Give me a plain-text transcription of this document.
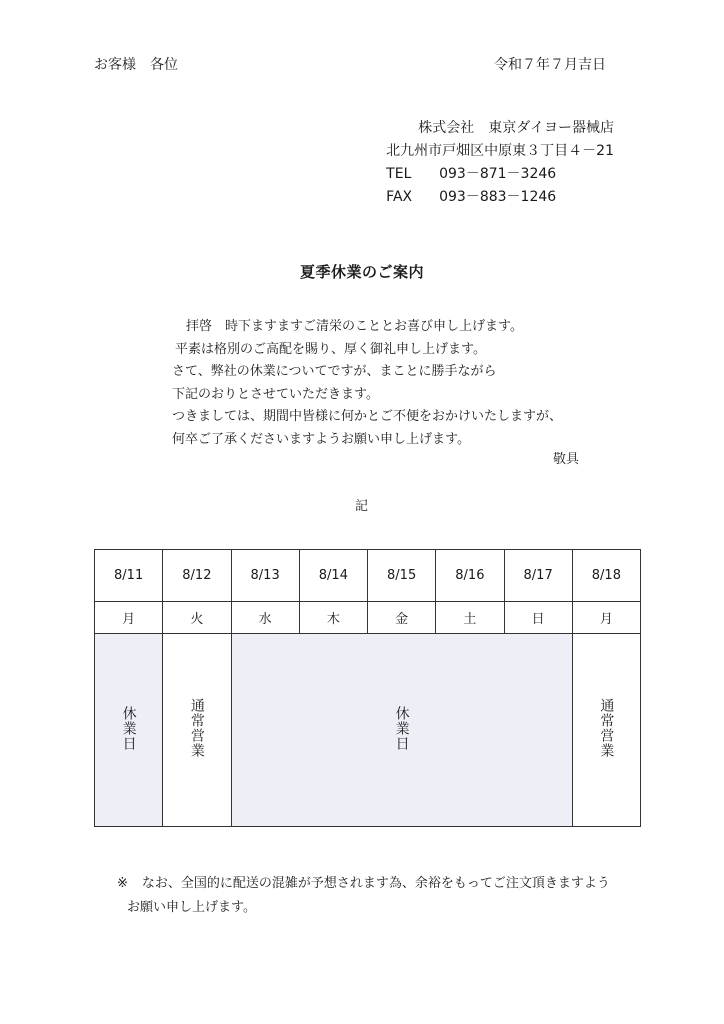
お客様　各位	令和７年７月吉日
株式会社　東京ダイヨー器械店
北九州市戸畑区中原東３丁目４－21
TEL	093－871－3246
FAX	093－883－1246
夏季休業のご案内
拝啓　時下ますますご清栄のこととお喜び申し上げます。
平素は格別のご高配を賜り、厚く御礼申し上げます。
さて、弊社の休業についてですが、まことに勝手ながら
下記のおりとさせていただきます。
つきましては、期間中皆様に何かとご不便をおかけいたしますが、
何卒ご了承くださいますようお願い申し上げます。
敬具
記
8/11	8/12	8/13	8/14	8/15	8/16	8/17	8/18
月	火	水	木	金	土	日	月
休業日	通常営業	休業日					通常営業
※ なお、全国的に配送の混雑が予想されます為、余裕をもってご注文頂きますよう
お願い申し上げます。
